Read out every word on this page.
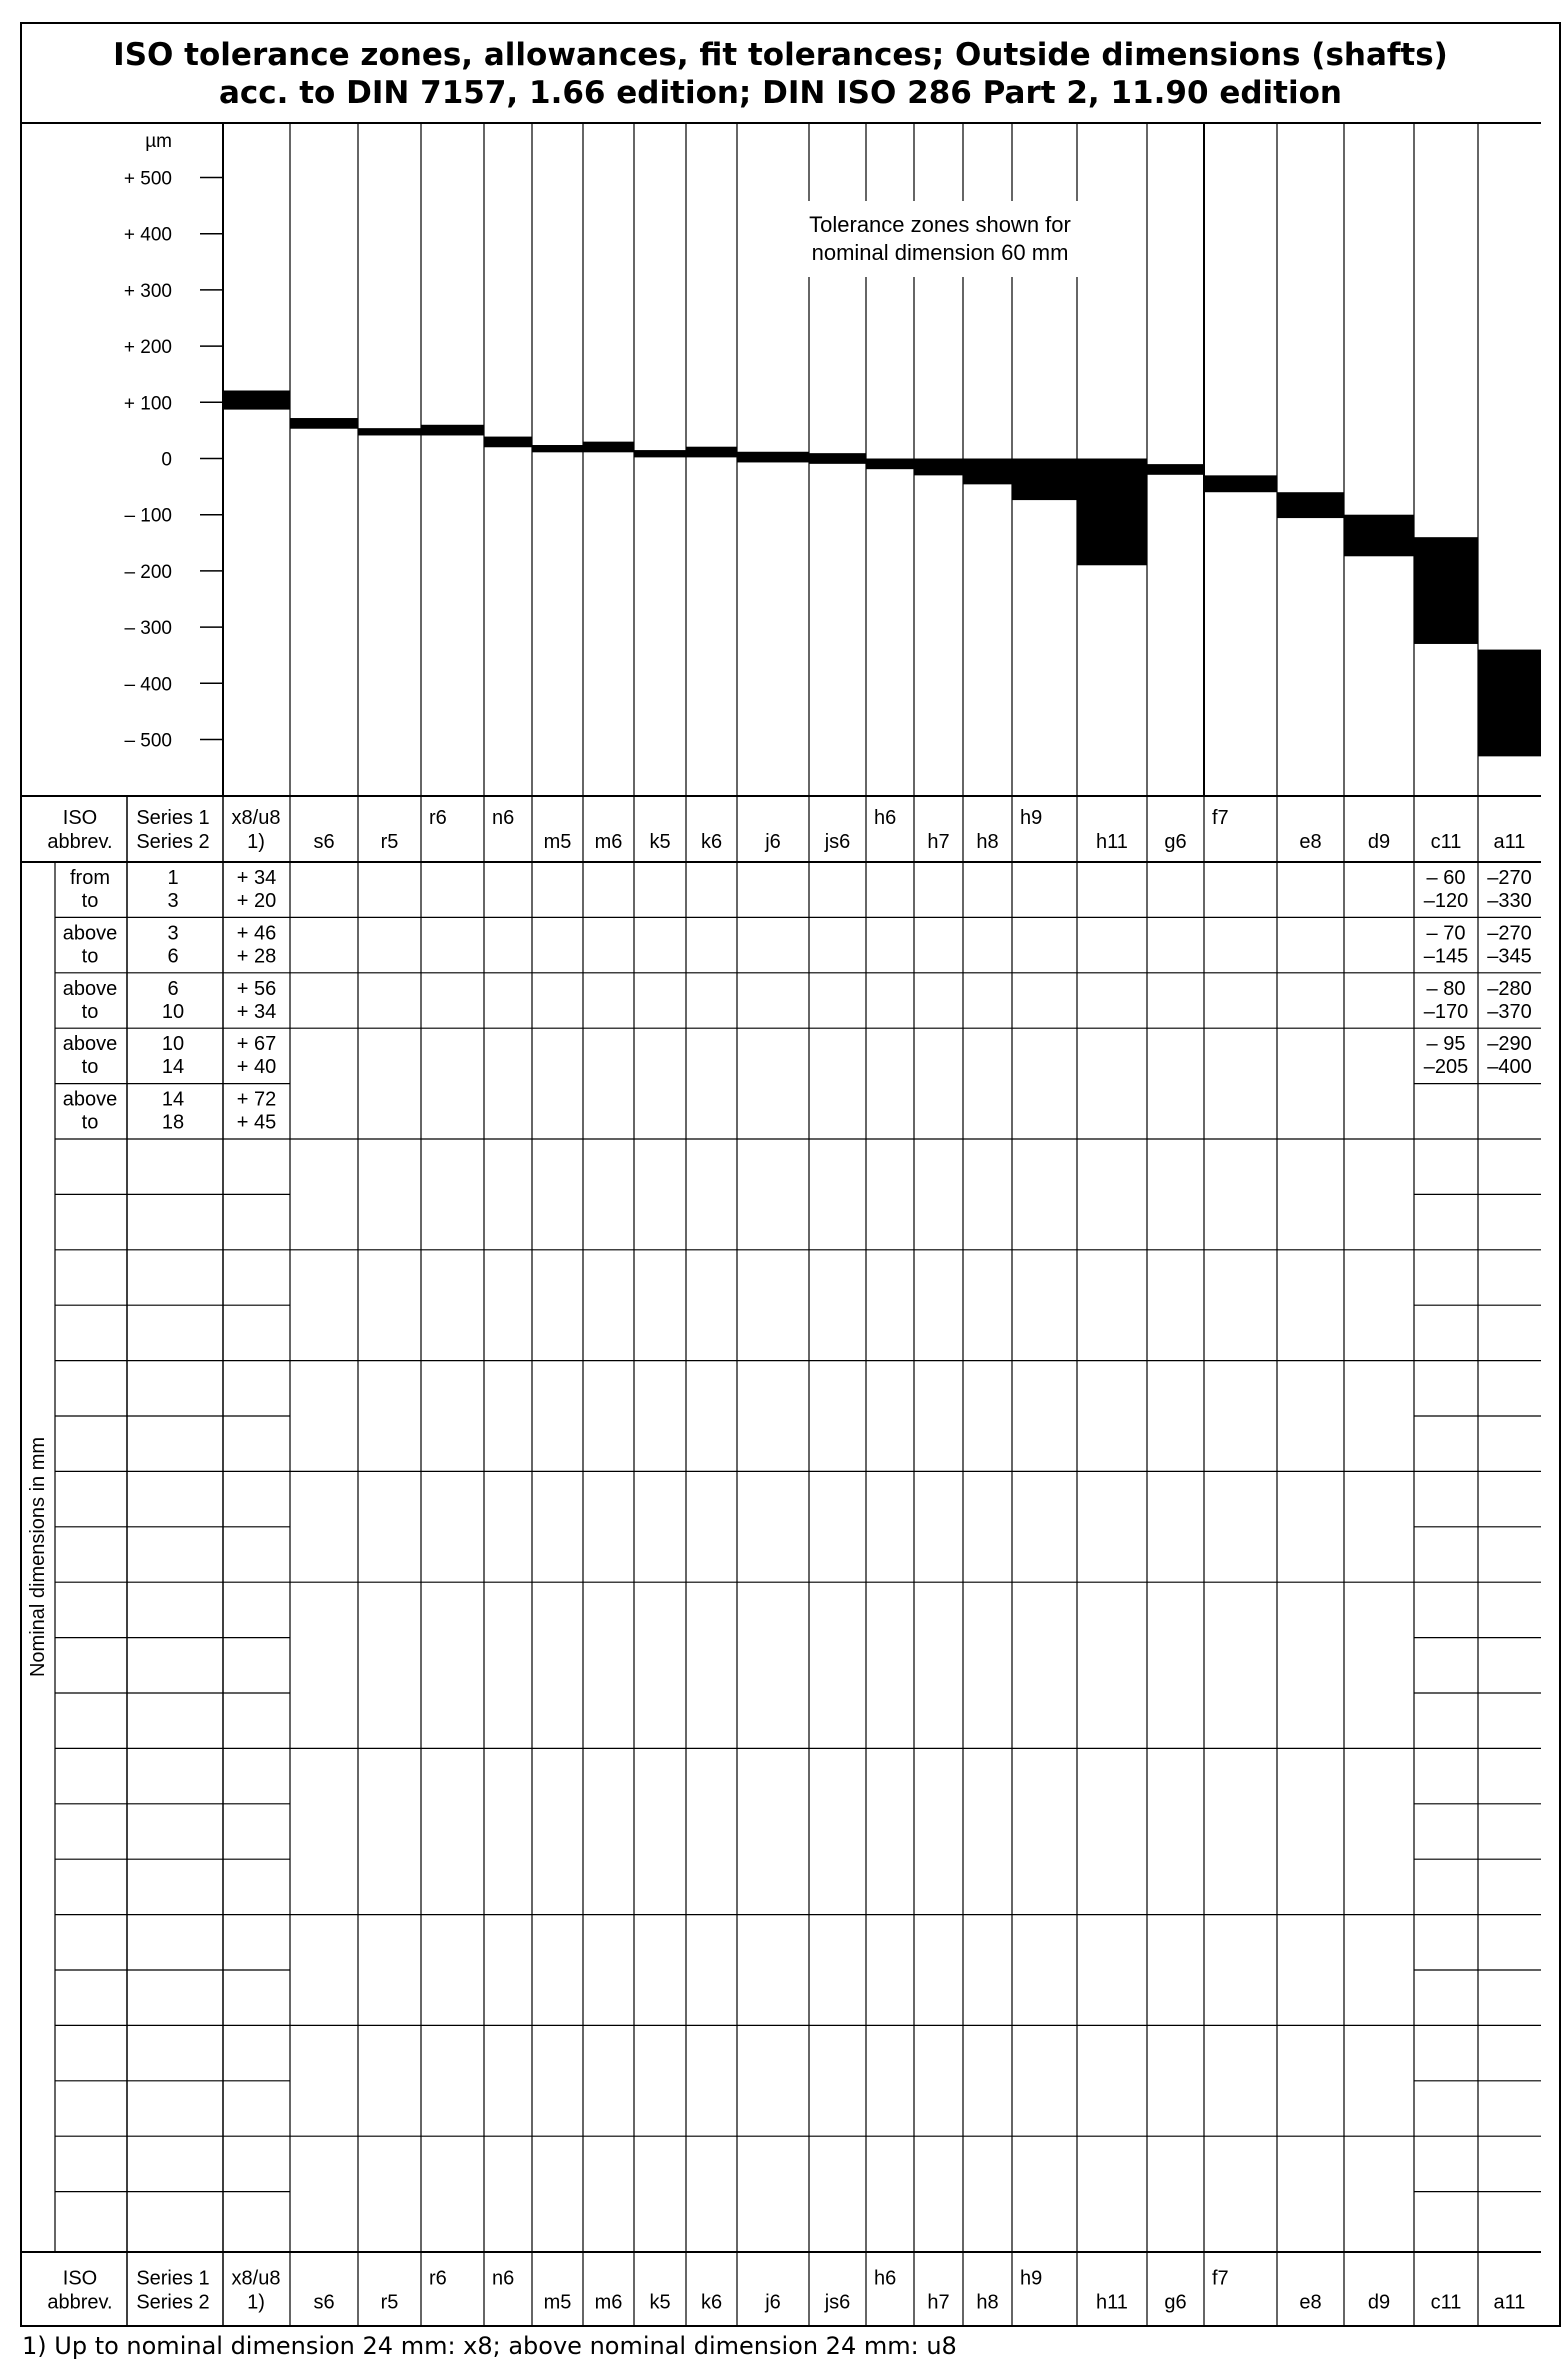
ISO tolerance zones, allowances, fit tolerances; Outside dimensions (shafts)
acc. to DIN 7157, 1.66 edition; DIN ISO 286 Part 2, 11.90 edition
+ 500
+ 400
+ 300
+ 200
+ 100
0
– 100
– 200
– 300
– 400
– 500
µm
Tolerance zones shown for
nominal dimension 60 mm
ISO
abbrev.
Series 1
Series 2
x8/u8
1) s6 r5
r6 n6
m5 m6 k5 k6 j6 js6
h6
h7 h8
h9
h11 g6
f7
e8 d9 c11 a11
ISO
abbrev.
Series 1
Series 2
x8/u8
1) s6 r5
r6 n6
m5 m6 k5 k6 j6 js6
h6
h7 h8
h9
h11 g6
f7
e8 d9 c11 a11
Nominal dimensions in mm
from
to
1
3
+ 34
+ 20
– 60
–120
–270
–330
above
to
3
6
+ 46
+ 28
– 70
–145
–270
–345
above
to
6
10
+ 56
+ 34
– 80
–170
–280
–370
above
to
10
14
+ 67
+ 40
– 95
–205
–290
–400
above
to
14
18
+ 72
+ 45
1) Up to nominal dimension 24 mm: x8; above nominal dimension 24 mm: u8
